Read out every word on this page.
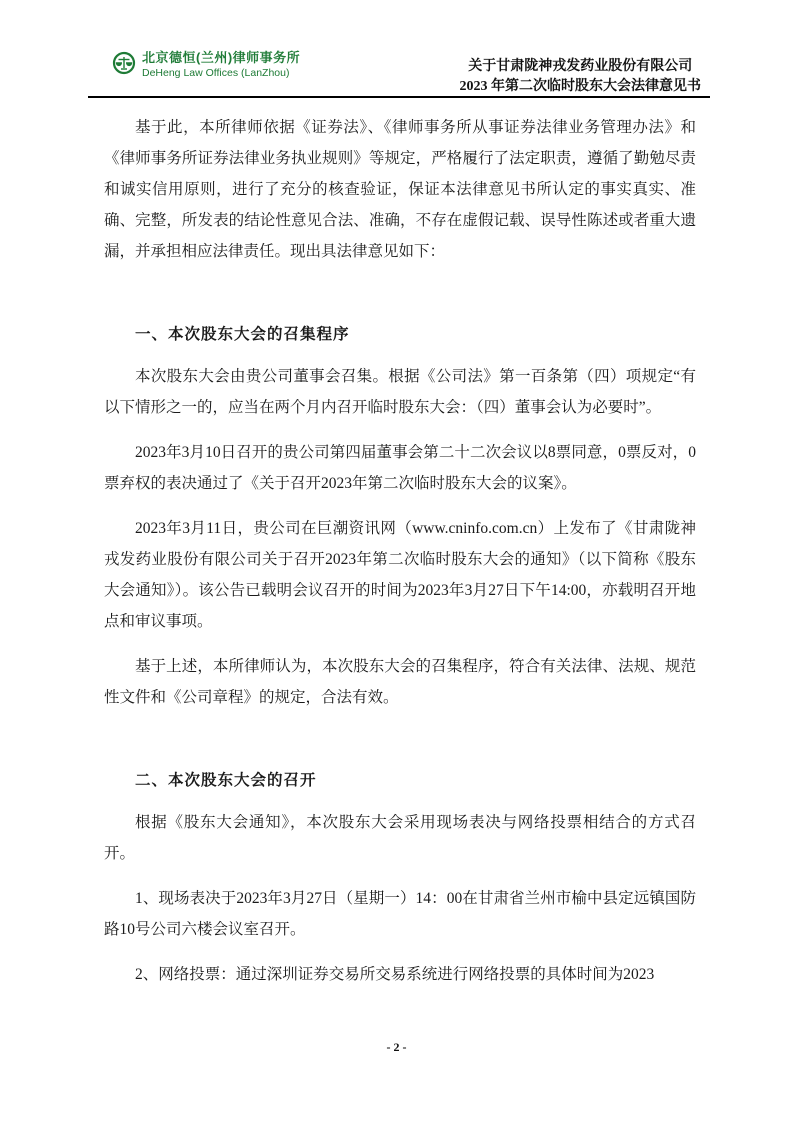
北京德恒(兰州)律师事务所
DeHeng Law Offices (LanZhou)	关于甘肃陇神戎发药业股份有限公司
2023 年第二次临时股东大会法律意见书

基于此，本所律师依据《证券法》、《律师事务所从事证券法律业务管理办法》和《律师事务所证券法律业务执业规则》等规定，严格履行了法定职责，遵循了勤勉尽责和诚实信用原则，进行了充分的核查验证，保证本法律意见书所认定的事实真实、准确、完整，所发表的结论性意见合法、准确，不存在虚假记载、误导性陈述或者重大遗漏，并承担相应法律责任。现出具法律意见如下：

一、本次股东大会的召集程序

本次股东大会由贵公司董事会召集。根据《公司法》第一百条第（四）项规定“有以下情形之一的，应当在两个月内召开临时股东大会：（四）董事会认为必要时”。

2023年3月10日召开的贵公司第四届董事会第二十二次会议以8票同意，0票反对，0票弃权的表决通过了《关于召开2023年第二次临时股东大会的议案》。

2023年3月11日，贵公司在巨潮资讯网（www.cninfo.com.cn）上发布了《甘肃陇神戎发药业股份有限公司关于召开2023年第二次临时股东大会的通知》（以下简称《股东大会通知》）。该公告已载明会议召开的时间为2023年3月27日下午14:00，亦载明召开地点和审议事项。

基于上述，本所律师认为，本次股东大会的召集程序，符合有关法律、法规、规范性文件和《公司章程》的规定，合法有效。

二、本次股东大会的召开

根据《股东大会通知》，本次股东大会采用现场表决与网络投票相结合的方式召开。

1、现场表决于2023年3月27日（星期一）14：00在甘肃省兰州市榆中县定远镇国防路10号公司六楼会议室召开。

2、网络投票：通过深圳证券交易所交易系统进行网络投票的具体时间为2023

- 2 -
